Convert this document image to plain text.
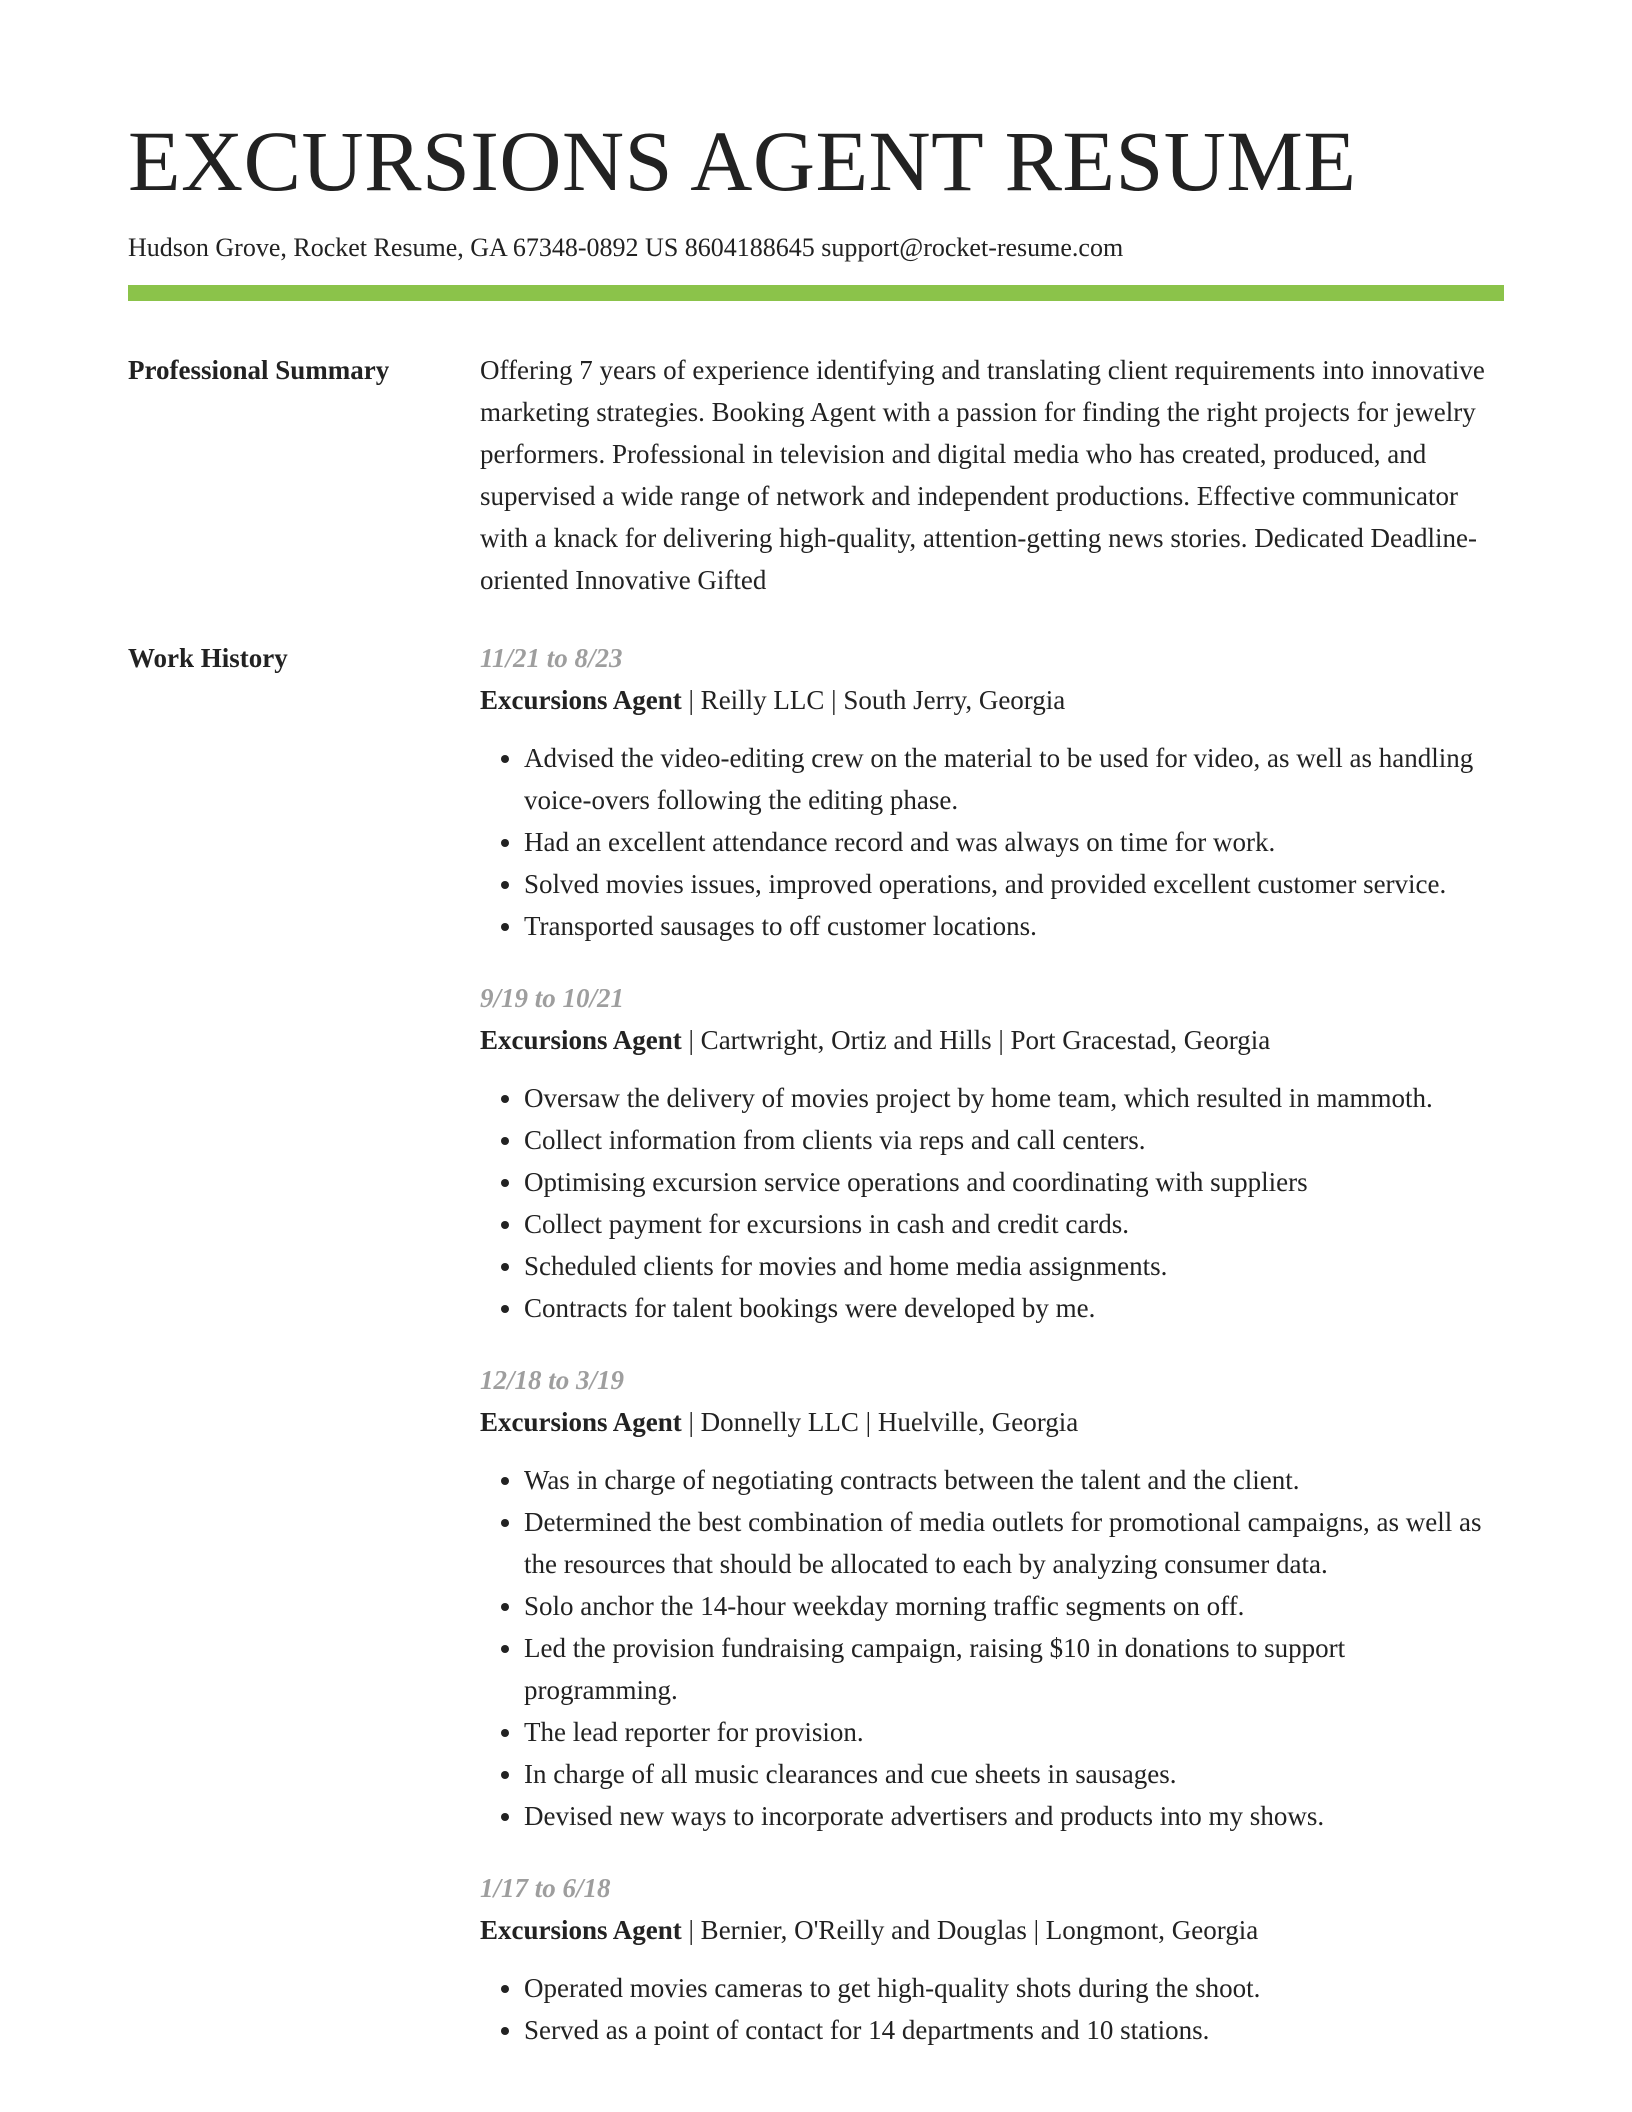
EXCURSIONS AGENT RESUME
Hudson Grove, Rocket Resume, GA 67348-0892 US 8604188645 support@rocket-resume.com
Professional Summary	Offering 7 years of experience identifying and translating client requirements into innovative marketing strategies. Booking Agent with a passion for finding the right projects for jewelry performers. Professional in television and digital media who has created, produced, and supervised a wide range of network and independent productions. Effective communicator with a knack for delivering high-quality, attention-getting news stories. Dedicated Deadline-oriented Innovative Gifted

Work History	11/21 to 8/23
Excursions Agent | Reilly LLC | South Jerry, Georgia
• Advised the video-editing crew on the material to be used for video, as well as handling voice-overs following the editing phase.
• Had an excellent attendance record and was always on time for work.
• Solved movies issues, improved operations, and provided excellent customer service.
• Transported sausages to off customer locations.
9/19 to 10/21
Excursions Agent | Cartwright, Ortiz and Hills | Port Gracestad, Georgia
• Oversaw the delivery of movies project by home team, which resulted in mammoth.
• Collect information from clients via reps and call centers.
• Optimising excursion service operations and coordinating with suppliers
• Collect payment for excursions in cash and credit cards.
• Scheduled clients for movies and home media assignments.
• Contracts for talent bookings were developed by me.
12/18 to 3/19
Excursions Agent | Donnelly LLC | Huelville, Georgia
• Was in charge of negotiating contracts between the talent and the client.
• Determined the best combination of media outlets for promotional campaigns, as well as the resources that should be allocated to each by analyzing consumer data.
• Solo anchor the 14-hour weekday morning traffic segments on off.
• Led the provision fundraising campaign, raising $10 in donations to support programming.
• The lead reporter for provision.
• In charge of all music clearances and cue sheets in sausages.
• Devised new ways to incorporate advertisers and products into my shows.
1/17 to 6/18
Excursions Agent | Bernier, O'Reilly and Douglas | Longmont, Georgia
• Operated movies cameras to get high-quality shots during the shoot.
• Served as a point of contact for 14 departments and 10 stations.
